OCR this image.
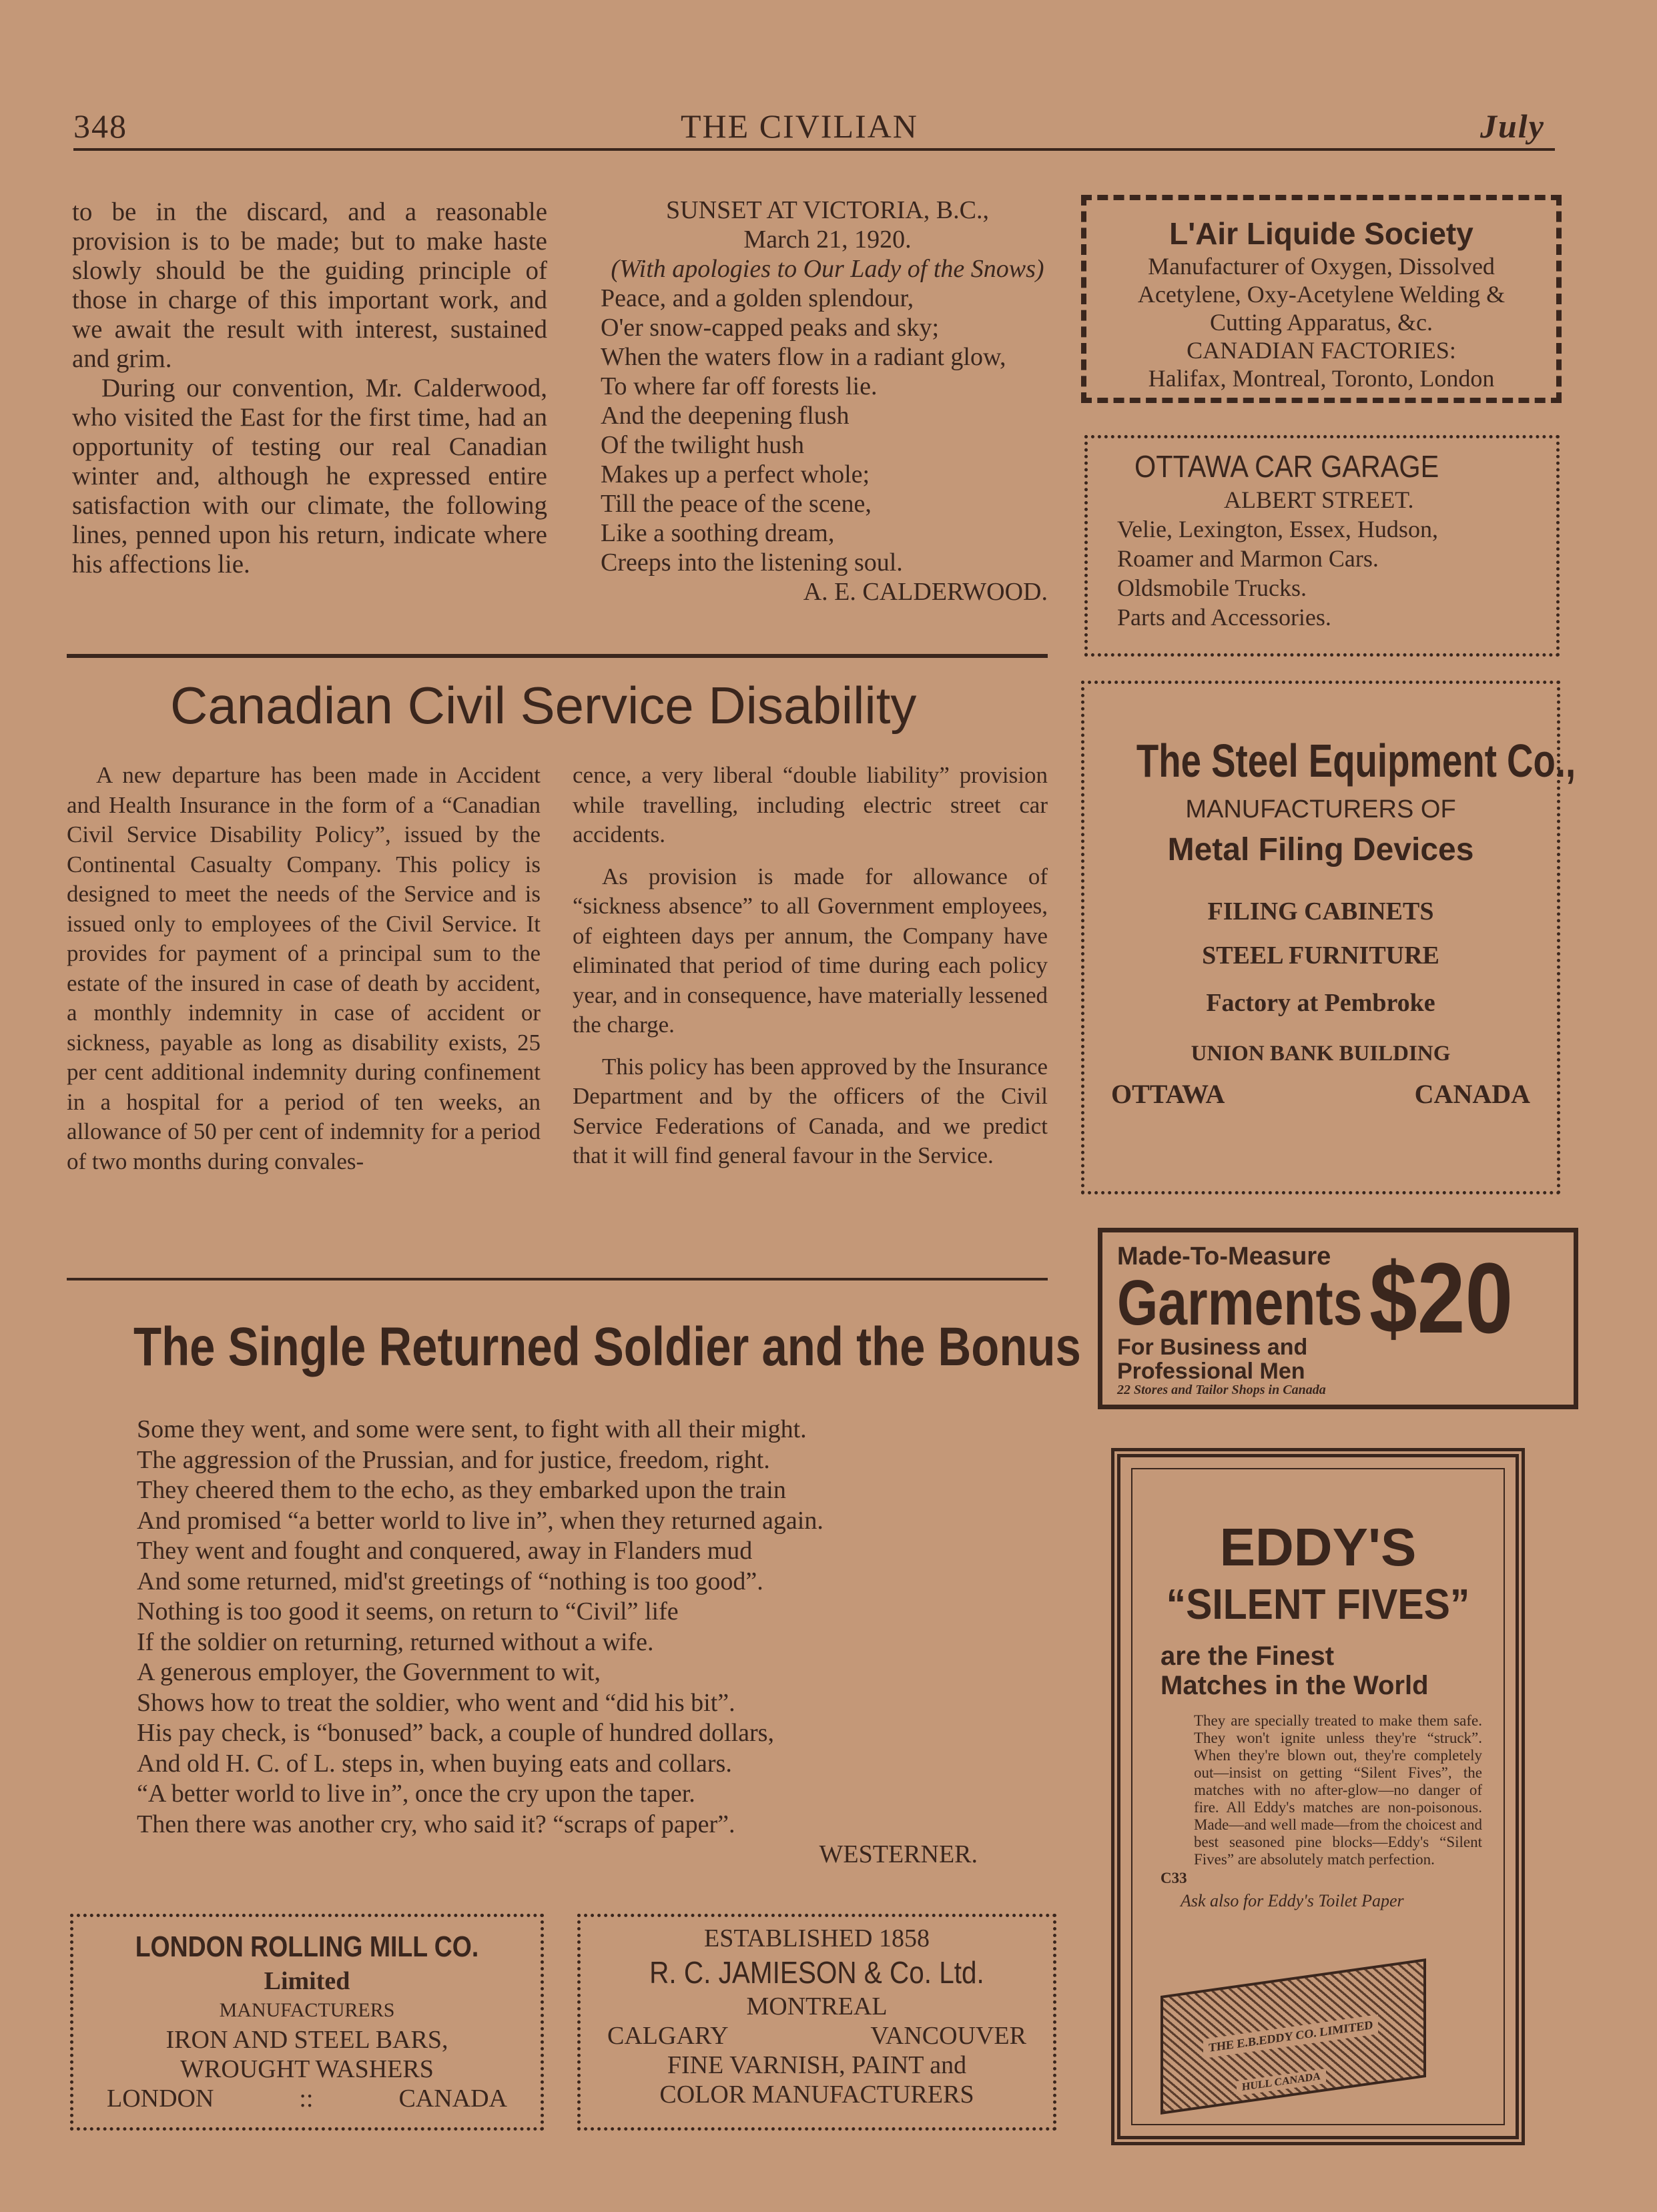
348	THE CIVILIAN	July

to be in the discard, and a reasonable provision is to be made; but to make haste slowly should be the guiding principle of those in charge of this important work, and we await the result with interest, sustained and grim.

During our convention, Mr. Calderwood, who visited the East for the first time, had an opportunity of testing our real Canadian winter and, although he expressed entire satisfaction with our climate, the following lines, penned upon his return, indicate where his affections lie.

SUNSET AT VICTORIA, B.C.,
March 21, 1920.
(With apologies to Our Lady of the Snows)
Peace, and a golden splendour,
O'er snow-capped peaks and sky;
When the waters flow in a radiant glow,
To where far off forests lie.
And the deepening flush
Of the twilight hush
Makes up a perfect whole;
Till the peace of the scene,
Like a soothing dream,
Creeps into the listening soul.
A. E. CALDERWOOD.
Canadian Civil Service Disability

A new departure has been made in Accident and Health Insurance in the form of a “Canadian Civil Service Disability Policy”, issued by the Continental Casualty Company. This policy is designed to meet the needs of the Service and is issued only to employees of the Civil Service. It provides for payment of a principal sum to the estate of the insured in case of death by accident, a monthly indemnity in case of accident or sickness, payable as long as disability exists, 25 per cent additional indemnity during confinement in a hospital for a period of ten weeks, an allowance of 50 per cent of indemnity for a period of two months during convales-

cence, a very liberal “double liability” provision while travelling, including electric street car accidents.

As provision is made for allowance of “sickness absence” to all Government employees, of eighteen days per annum, the Company have eliminated that period of time during each policy year, and in consequence, have materially lessened the charge.

This policy has been approved by the Insurance Department and by the officers of the Civil Service Federations of Canada, and we predict that it will find general favour in the Service.

The Single Returned Soldier and the Bonus
Some they went, and some were sent, to fight with all their might.
The aggression of the Prussian, and for justice, freedom, right.
They cheered them to the echo, as they embarked upon the train
And promised “a better world to live in”, when they returned again.
They went and fought and conquered, away in Flanders mud
And some returned, mid'st greetings of “nothing is too good”.
Nothing is too good it seems, on return to “Civil” life
If the soldier on returning, returned without a wife.
A generous employer, the Government to wit,
Shows how to treat the soldier, who went and “did his bit”.
His pay check, is “bonused” back, a couple of hundred dollars,
And old H. C. of L. steps in, when buying eats and collars.
“A better world to live in”, once the cry upon the taper.
Then there was another cry, who said it? “scraps of paper”.
WESTERNER.
L'Air Liquide Society
Manufacturer of Oxygen, Dissolved
Acetylene, Oxy-Acetylene Welding &
Cutting Apparatus, &c.
CANADIAN FACTORIES:
Halifax, Montreal, Toronto, London
OTTAWA CAR GARAGE
ALBERT STREET.
Velie, Lexington, Essex, Hudson,
Roamer and Marmon Cars.
Oldsmobile Trucks.
Parts and Accessories.
The Steel Equipment Co.,
MANUFACTURERS OF
Metal Filing Devices
FILING CABINETS
STEEL FURNITURE
Factory at Pembroke
UNION BANK BUILDING
OTTAWA	CANADA
Made-To-Measure
Garments
For Business and
Professional Men
$20
22 Stores and Tailor Shops in Canada
EDDY'S
“SILENT FIVES”
are the Finest
Matches in the World
They are specially treated to make them safe. They won't ignite unless they're “struck”. When they're blown out, they're completely out—insist on getting “Silent Fives”, the matches with no after-glow—no danger of fire. All Eddy's matches are non-poisonous. Made—and well made—from the choicest and best seasoned pine blocks—Eddy's “Silent Fives” are absolutely match perfection.
C33
Ask also for Eddy's Toilet Paper
THE E.B.EDDY CO. LIMITED
HULL CANADA
LONDON ROLLING MILL CO.
Limited
MANUFACTURERS
IRON AND STEEL BARS,
WROUGHT WASHERS
LONDON	::	CANADA
ESTABLISHED 1858
R. C. JAMIESON & Co. Ltd.
MONTREAL
CALGARY	VANCOUVER
FINE VARNISH, PAINT and
COLOR MANUFACTURERS
